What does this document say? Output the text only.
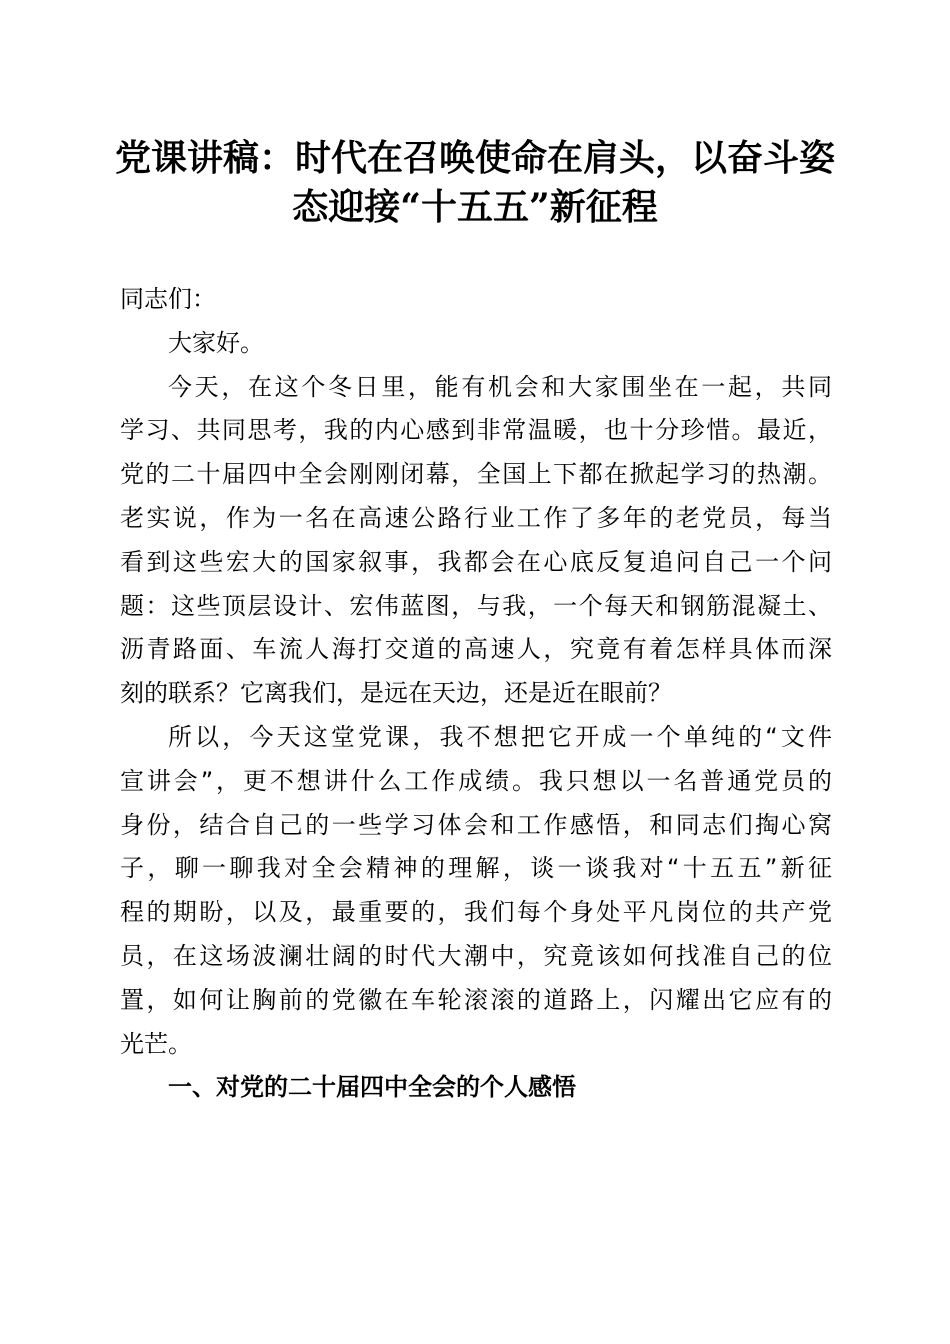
党课讲稿：时代在召唤使命在肩头，以奋斗姿
态迎接“十五五”新征程
同志们：
大家好。
今天，在这个冬日里，能有机会和大家围坐在一起，共同
学习、共同思考，我的内心感到非常温暖，也十分珍惜。最近，
党的二十届四中全会刚刚闭幕，全国上下都在掀起学习的热潮。
老实说，作为一名在高速公路行业工作了多年的老党员，每当
看到这些宏大的国家叙事，我都会在心底反复追问自己一个问
题：这些顶层设计、宏伟蓝图，与我，一个每天和钢筋混凝土、
沥青路面、车流人海打交道的高速人，究竟有着怎样具体而深
刻的联系？它离我们，是远在天边，还是近在眼前？
所以，今天这堂党课，我不想把它开成一个单纯的“文件
宣讲会”，更不想讲什么工作成绩。我只想以一名普通党员的
身份，结合自己的一些学习体会和工作感悟，和同志们掏心窝
子，聊一聊我对全会精神的理解，谈一谈我对“十五五”新征
程的期盼，以及，最重要的，我们每个身处平凡岗位的共产党
员，在这场波澜壮阔的时代大潮中，究竟该如何找准自己的位
置，如何让胸前的党徽在车轮滚滚的道路上，闪耀出它应有的
光芒。
一、对党的二十届四中全会的个人感悟
